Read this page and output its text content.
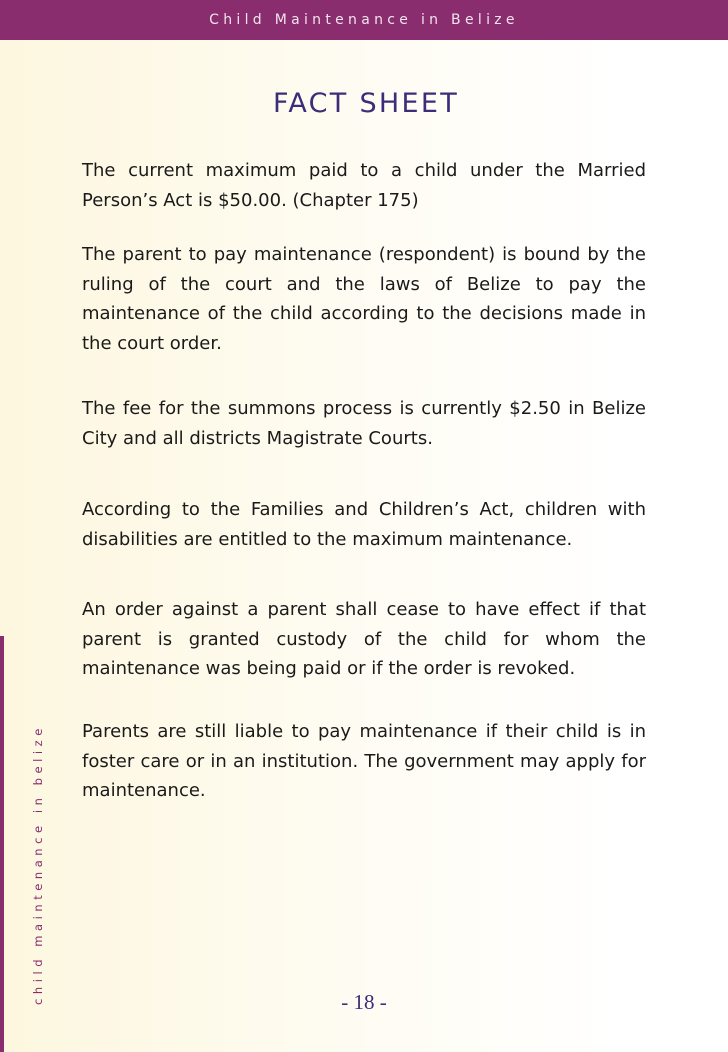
Child Maintenance in Belize
child maintenance in belize
FACT SHEET

The current maximum paid to a child under the Married Person’s Act is $50.00. (Chapter 175)

The parent to pay maintenance (respondent) is bound by the ruling of the court and the laws of Belize to pay the maintenance of the child according to the decisions made in the court order.

The fee for the summons process is currently $2.50 in Belize City and all districts Magistrate Courts.

According to the Families and Children’s Act, children with disabilities are entitled to the maximum maintenance.

An order against a parent shall cease to have effect if that parent is granted custody of the child for whom the maintenance was being paid or if the order is revoked.

Parents are still liable to pay maintenance if their child is in foster care or in an institution. The government may apply for maintenance.

- 18 -
